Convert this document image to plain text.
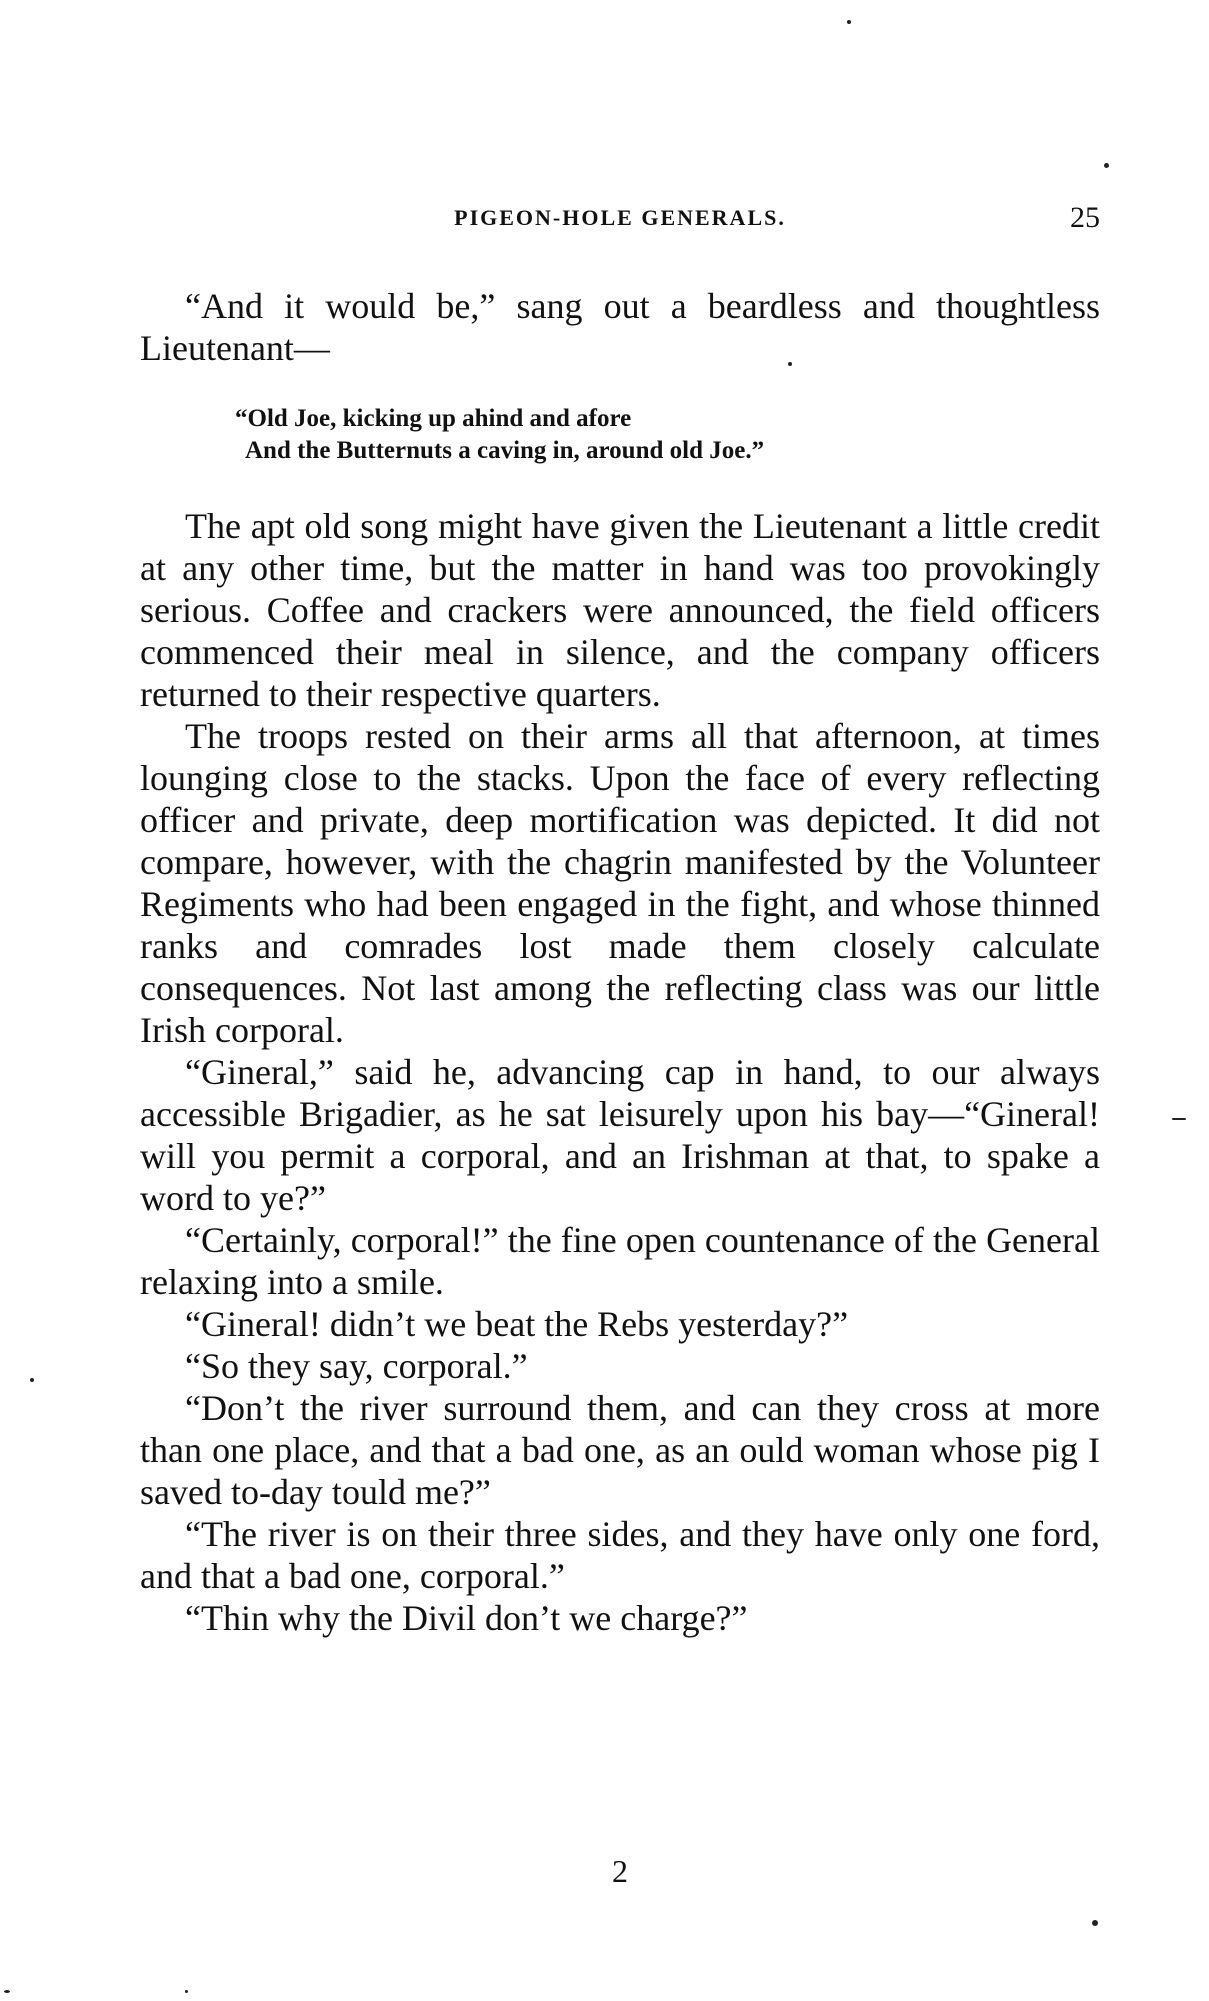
PIGEON-HOLE GENERALS.	25

“And it would be,” sang out a beardless and thoughtless Lieutenant—

“Old Joe, kicking up ahind and afore
And the Butternuts a caving in, around old Joe.”

The apt old song might have given the Lieutenant a little credit at any other time, but the matter in hand was too provokingly serious. Coffee and crackers were announced, the field officers commenced their meal in silence, and the company officers returned to their respective quarters.

The troops rested on their arms all that afternoon, at times lounging close to the stacks. Upon the face of every reflecting officer and private, deep mortification was depicted. It did not compare, however, with the chagrin manifested by the Volunteer Regiments who had been engaged in the fight, and whose thinned ranks and comrades lost made them closely calculate consequences. Not last among the reflecting class was our little Irish corporal.

“Gineral,” said he, advancing cap in hand, to our always accessible Brigadier, as he sat leisurely upon his bay—“Gineral! will you permit a corporal, and an Irishman at that, to spake a word to ye?”

“Certainly, corporal!” the fine open countenance of the General relaxing into a smile.

“Gineral! didn’t we beat the Rebs yesterday?”

“So they say, corporal.”

“Don’t the river surround them, and can they cross at more than one place, and that a bad one, as an ould woman whose pig I saved to-day tould me?”

“The river is on their three sides, and they have only one ford, and that a bad one, corporal.”

“Thin why the Divil don’t we charge?”

2
